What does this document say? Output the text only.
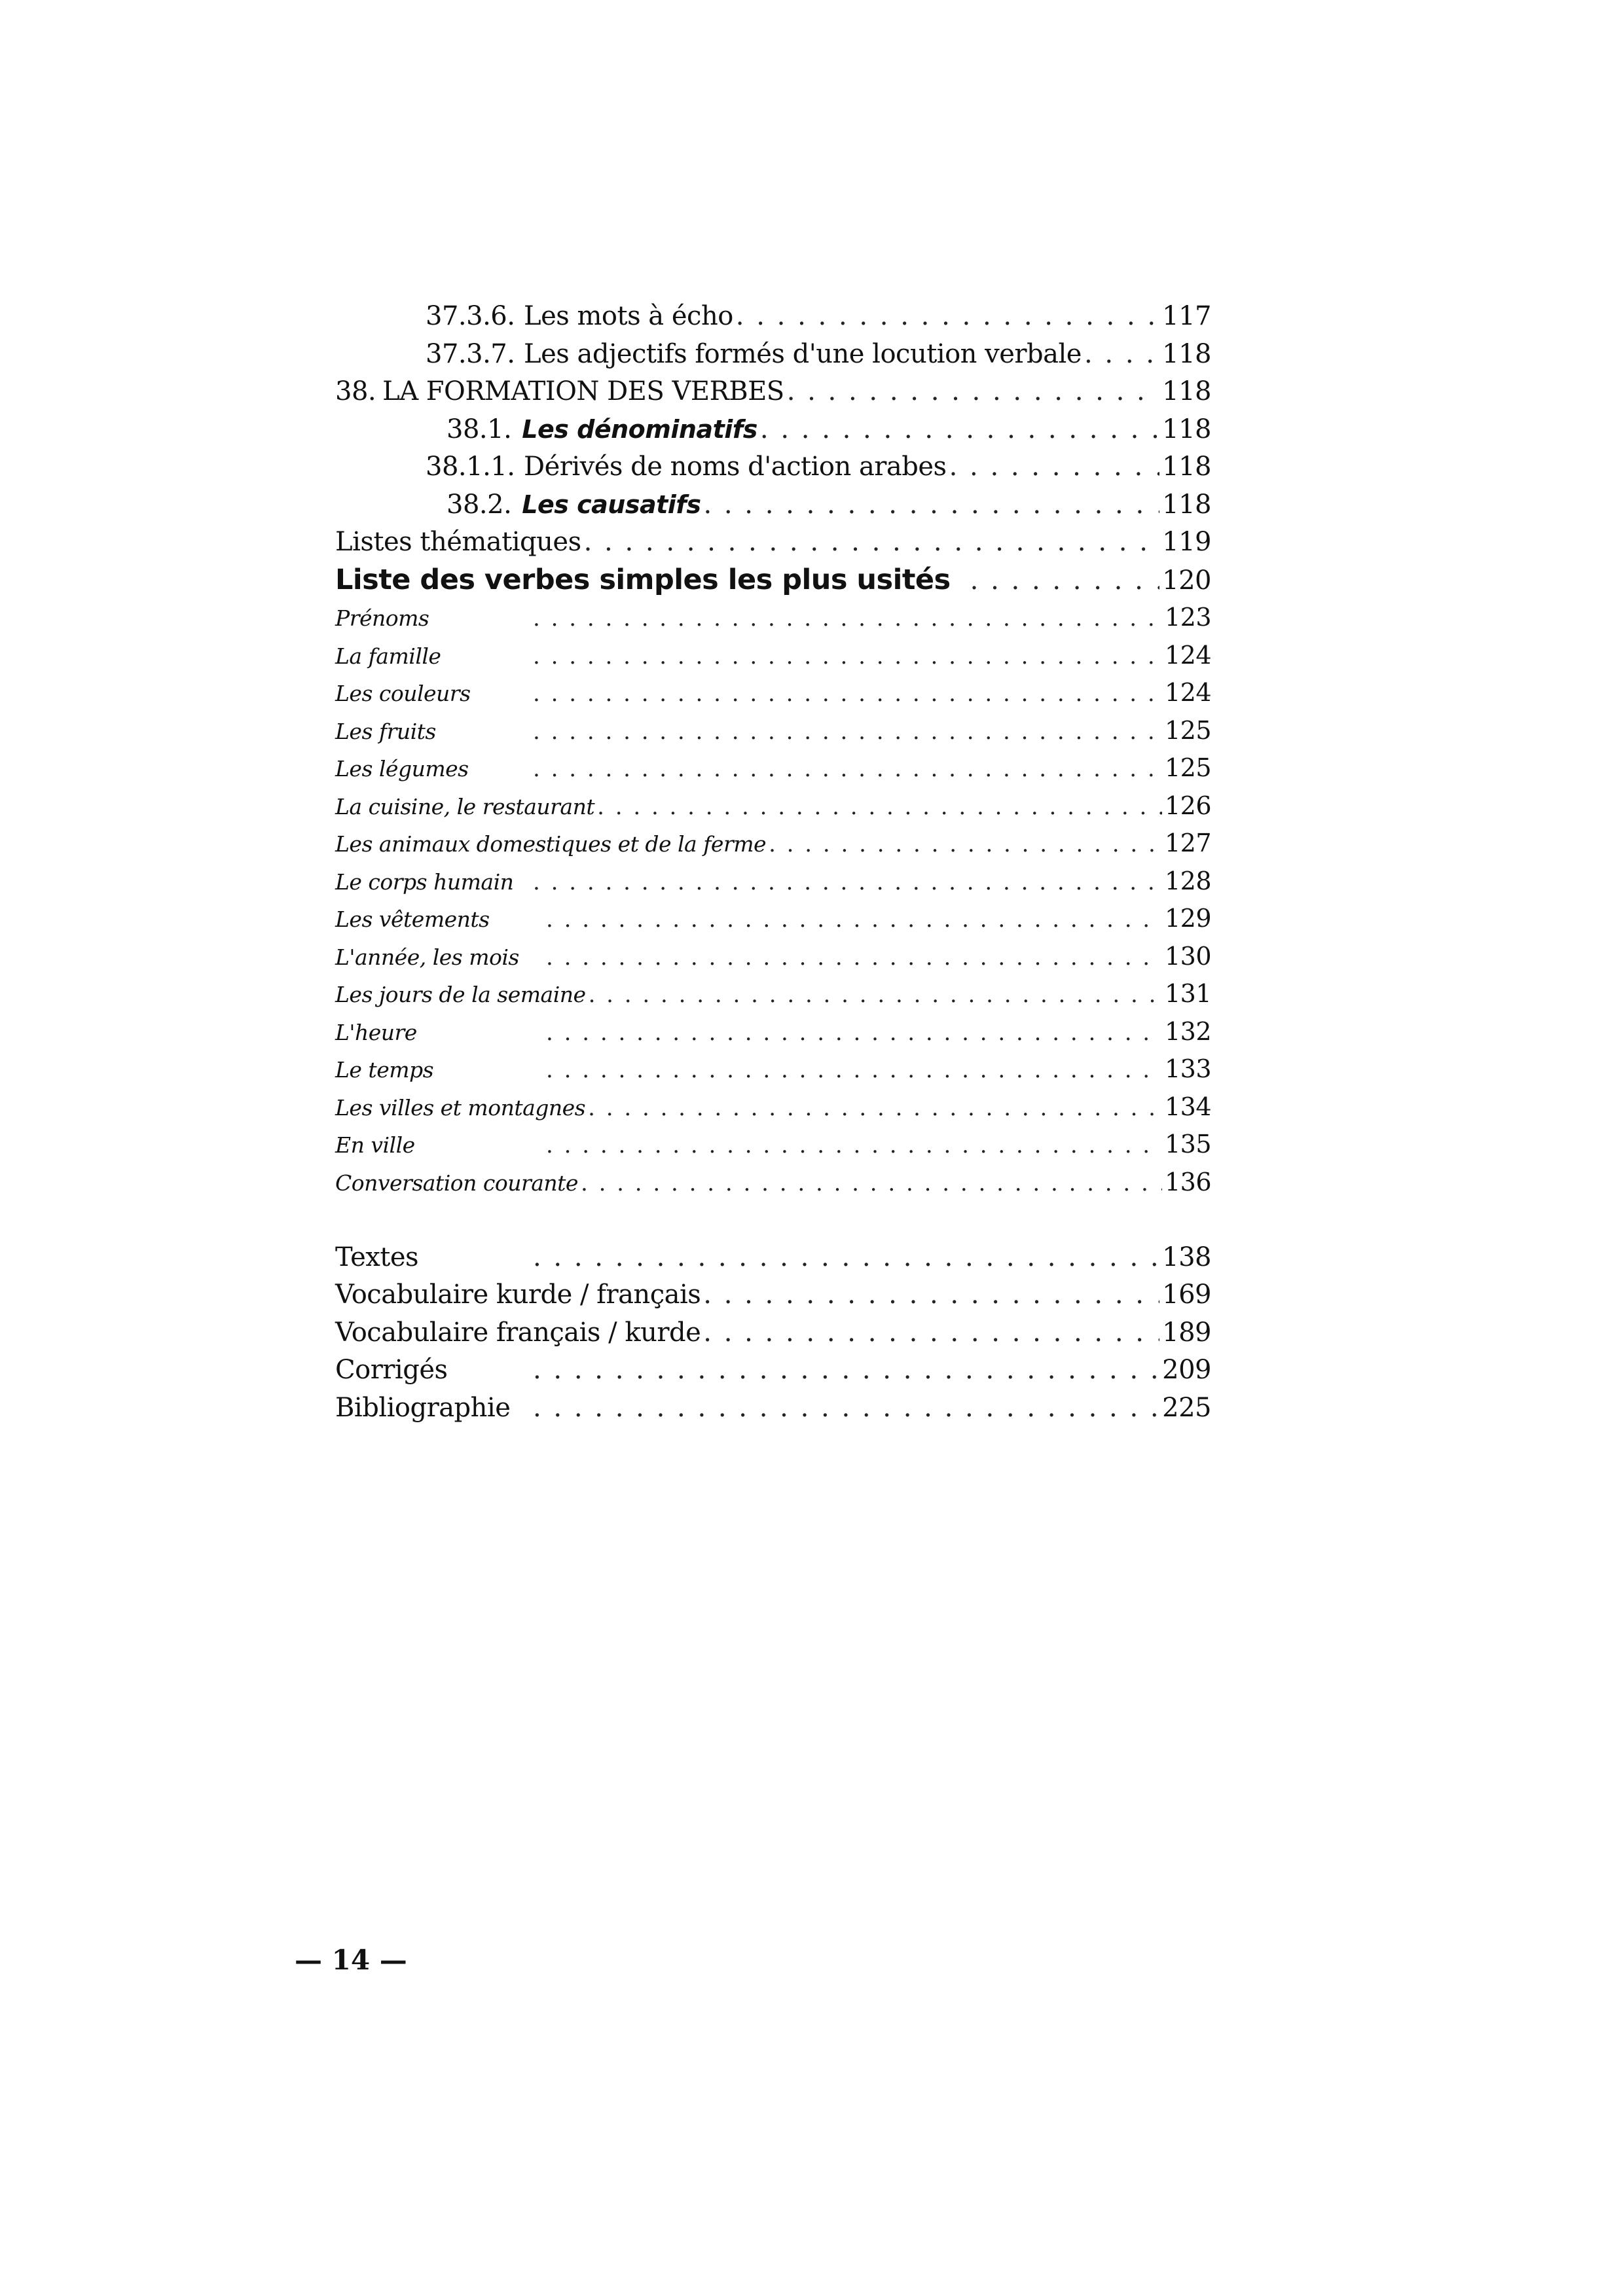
37.3.6. Les mots à écho . . .	117
37.3.7. Les adjectifs formés d'une locution verbale . . .	118
38. LA FORMATION DES VERBES . . .	118
38.1. Les dénominatifs . . .	118
38.1.1. Dérivés de noms d'action arabes . . .	118
38.2. Les causatifs . . .	118
Listes thématiques . . .	119
Liste des verbes simples les plus usités . . .	120
Prénoms . . .	123
La famille . . .	124
Les couleurs . . .	124
Les fruits . . .	125
Les légumes . . .	125
La cuisine, le restaurant . . .	126
Les animaux domestiques et de la ferme . . .	127
Le corps humain . . .	128
Les vêtements . . .	129
L'année, les mois . . .	130
Les jours de la semaine . . .	131
L'heure . . .	132
Le temps . . .	133
Les villes et montagnes . . .	134
En ville . . .	135
Conversation courante . . .	136
Textes . . .	138
Vocabulaire kurde / français . . .	169
Vocabulaire français / kurde . . .	189
Corrigés . . .	209
Bibliographie . . .	225
— 14 —
